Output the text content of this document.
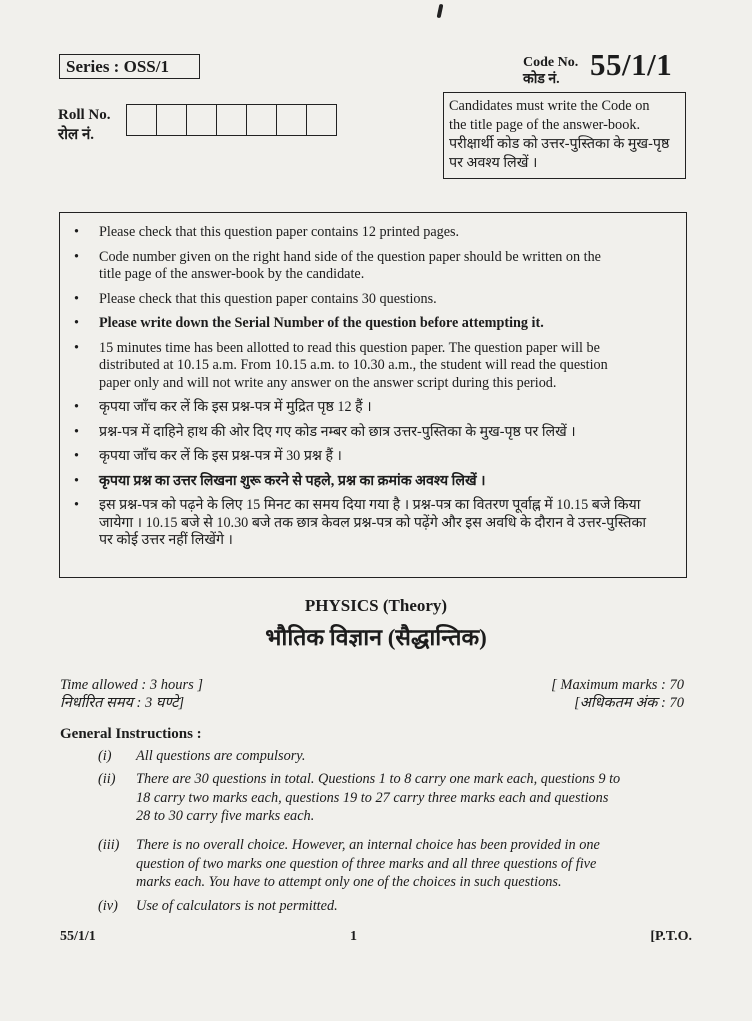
Series : OSS/1	Code No.
कोड नं. 55/1/1
Roll No.
रोल नं.
Candidates must write the Code on
the title page of the answer-book.
परीक्षार्थी कोड को उत्तर-पुस्तिका के मुख-पृष्ठ
पर अवश्य लिखें ।
• Please check that this question paper contains 12 printed pages.
• Code number given on the right hand side of the question paper should be written on the
title page of the answer-book by the candidate.
• Please check that this question paper contains 30 questions.
• Please write down the Serial Number of the question before attempting it.
• 15 minutes time has been allotted to read this question paper. The question paper will be
distributed at 10.15 a.m. From 10.15 a.m. to 10.30 a.m., the student will read the question
paper only and will not write any answer on the answer script during this period.
• कृपया जाँच कर लें कि इस प्रश्न-पत्र में मुद्रित पृष्ठ 12 हैं ।
• प्रश्न-पत्र में दाहिने हाथ की ओर दिए गए कोड नम्बर को छात्र उत्तर-पुस्तिका के मुख-पृष्ठ पर लिखें ।
• कृपया जाँच कर लें कि इस प्रश्न-पत्र में 30 प्रश्न हैं ।
• कृपया प्रश्न का उत्तर लिखना शुरू करने से पहले, प्रश्न का क्रमांक अवश्य लिखें ।
• इस प्रश्न-पत्र को पढ़ने के लिए 15 मिनट का समय दिया गया है । प्रश्न-पत्र का वितरण पूर्वाह्न में 10.15 बजे किया
जायेगा । 10.15 बजे से 10.30 बजे तक छात्र केवल प्रश्न-पत्र को पढ़ेंगे और इस अवधि के दौरान वे उत्तर-पुस्तिका
पर कोई उत्तर नहीं लिखेंगे ।
PHYSICS (Theory)
भौतिक विज्ञान (सैद्धान्तिक)
Time allowed : 3 hours ]
निर्धारित समय : 3 घण्टे]
[ Maximum marks : 70
[अधिकतम अंक : 70
General Instructions :
(i) All questions are compulsory.
(ii) There are 30 questions in total. Questions 1 to 8 carry one mark each, questions 9 to
18 carry two marks each, questions 19 to 27 carry three marks each and questions
28 to 30 carry five marks each.
(iii) There is no overall choice. However, an internal choice has been provided in one
question of two marks one question of three marks and all three questions of five
marks each. You have to attempt only one of the choices in such questions.
(iv) Use of calculators is not permitted.
55/1/1	1	[P.T.O.
